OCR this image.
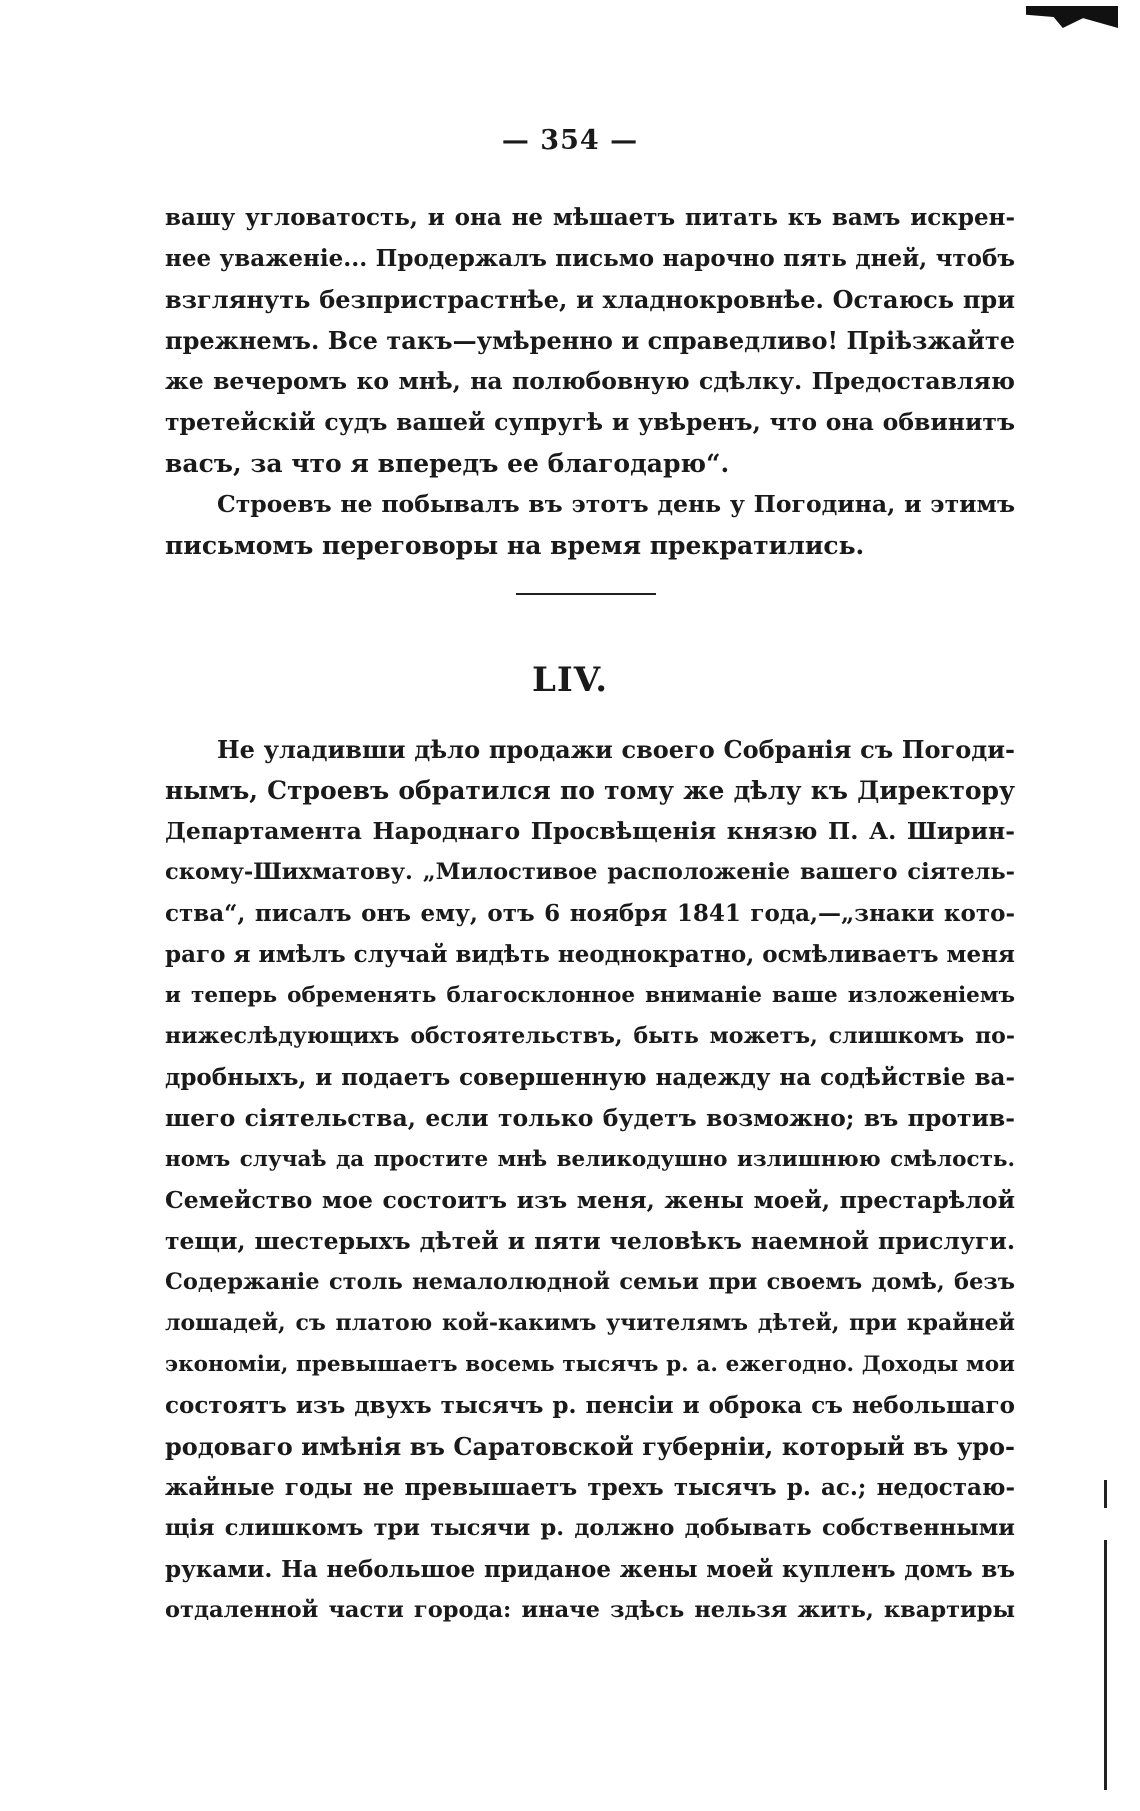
— 354 —
вашу угловатость, и она не мѣшаетъ питать къ вамъ искрен-
нее уваженіе... Продержалъ письмо нарочно пять дней, чтобъ
взглянуть безпристрастнѣе, и хладнокровнѣе. Остаюсь при
прежнемъ. Все такъ—умѣренно и справедливо! Пріѣзжайте
же вечеромъ ко мнѣ, на полюбовную сдѣлку. Предоставляю
третейскій судъ вашей супругѣ и увѣренъ, что она обвинитъ
васъ, за что я впередъ ее благодарю“.
Строевъ не побывалъ въ этотъ день у Погодина, и этимъ
письмомъ переговоры на время прекратились.
LIV.
Не уладивши дѣло продажи своего Собранія съ Погоди-
нымъ, Строевъ обратился по тому же дѣлу къ Директору
Департамента Народнаго Просвѣщенія князю П. А. Ширин-
скому-Шихматову. „Милостивое расположеніе вашего сіятель-
ства“, писалъ онъ ему, отъ 6 ноября 1841 года,—„знаки кото-
раго я имѣлъ случай видѣть неоднократно, осмѣливаетъ меня
и теперь обременять благосклонное вниманіе ваше изложеніемъ
нижеслѣдующихъ обстоятельствъ, быть можетъ, слишкомъ по-
дробныхъ, и подаетъ совершенную надежду на содѣйствіе ва-
шего сіятельства, если только будетъ возможно; въ против-
номъ случаѣ да простите мнѣ великодушно излишнюю смѣлость.
Семейство мое состоитъ изъ меня, жены моей, престарѣлой
тещи, шестерыхъ дѣтей и пяти человѣкъ наемной прислуги.
Содержаніе столь немалолюдной семьи при своемъ домѣ, безъ
лошадей, съ платою кой-какимъ учителямъ дѣтей, при крайней
экономіи, превышаетъ восемь тысячъ р. а. ежегодно. Доходы мои
состоятъ изъ двухъ тысячъ р. пенсіи и оброка съ небольшаго
родоваго имѣнія въ Саратовской губерніи, который въ уро-
жайные годы не превышаетъ трехъ тысячъ р. ас.; недостаю-
щія слишкомъ три тысячи р. должно добывать собственными
руками. На небольшое приданое жены моей купленъ домъ въ
отдаленной части города: иначе здѣсь нельзя жить, квартиры
